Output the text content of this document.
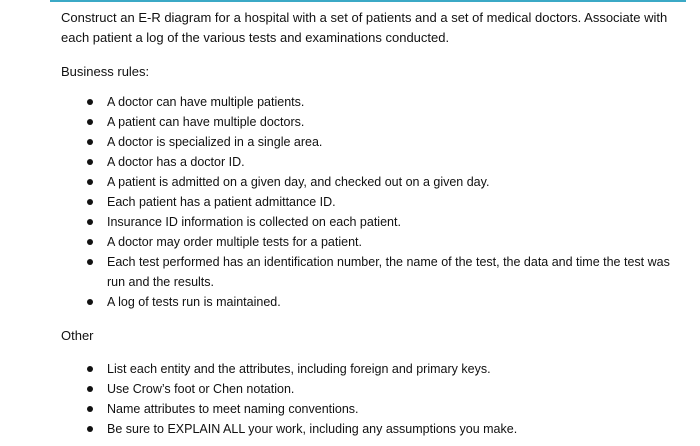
Construct an E-R diagram for a hospital with a set of patients and a set of medical doctors. Associate with each patient a log of the various tests and examinations conducted.

Business rules:

A doctor can have multiple patients.
A patient can have multiple doctors.
A doctor is specialized in a single area.
A doctor has a doctor ID.
A patient is admitted on a given day, and checked out on a given day.
Each patient has a patient admittance ID.
Insurance ID information is collected on each patient.
A doctor may order multiple tests for a patient.
Each test performed has an identification number, the name of the test, the data and time the test was run and the results.
A log of tests run is maintained.

Other

List each entity and the attributes, including foreign and primary keys.
Use Crow’s foot or Chen notation.
Name attributes to meet naming conventions.
Be sure to EXPLAIN ALL your work, including any assumptions you make.
